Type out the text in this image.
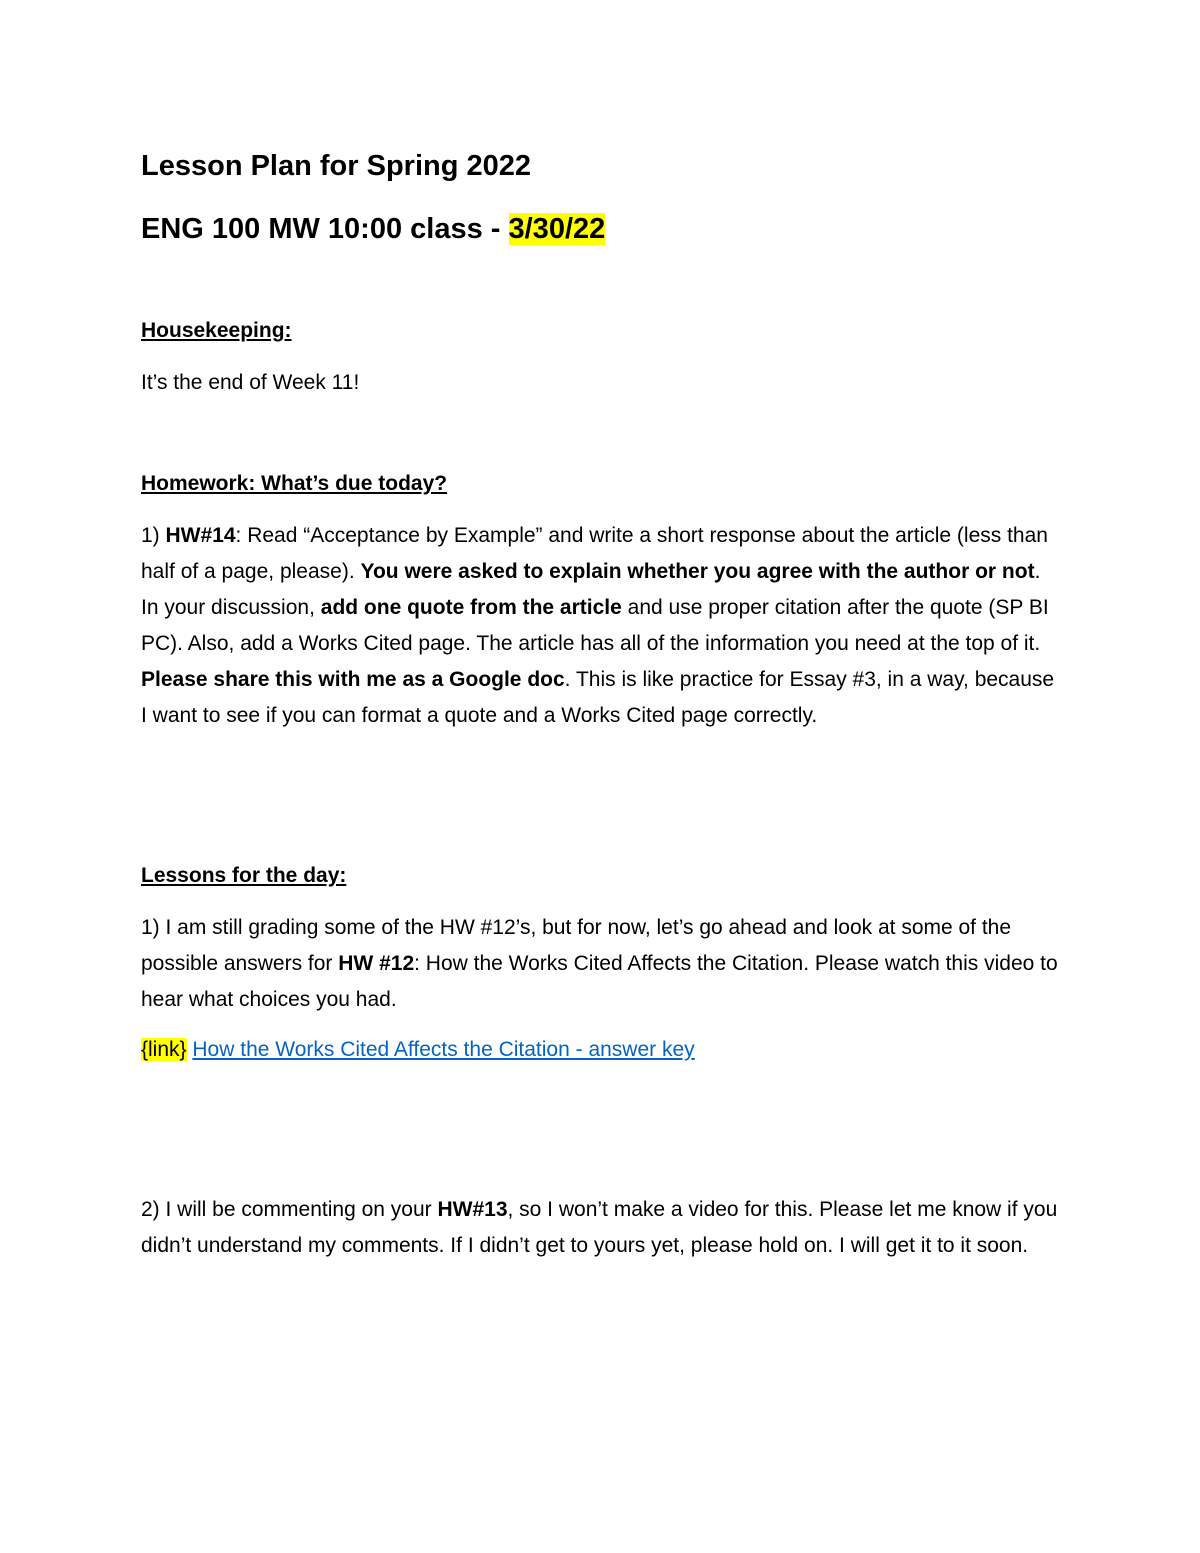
Lesson Plan for Spring 2022
ENG 100 MW 10:00 class - 3/30/22
Housekeeping:

It’s the end of Week 11!

Homework: What’s due today?

1) HW#14: Read “Acceptance by Example” and write a short response about the article (less than half of a page, please). You were asked to explain whether you agree with the author or not. In your discussion, add one quote from the article and use proper citation after the quote (SP BI PC). Also, add a Works Cited page. The article has all of the information you need at the top of it. Please share this with me as a Google doc. This is like practice for Essay #3, in a way, because I want to see if you can format a quote and a Works Cited page correctly.

Lessons for the day:

1) I am still grading some of the HW #12’s, but for now, let’s go ahead and look at some of the possible answers for HW #12: How the Works Cited Affects the Citation. Please watch this video to hear what choices you had.

{link} How the Works Cited Affects the Citation - answer key

2) I will be commenting on your HW#13, so I won’t make a video for this. Please let me know if you didn’t understand my comments. If I didn’t get to yours yet, please hold on. I will get it to it soon.
